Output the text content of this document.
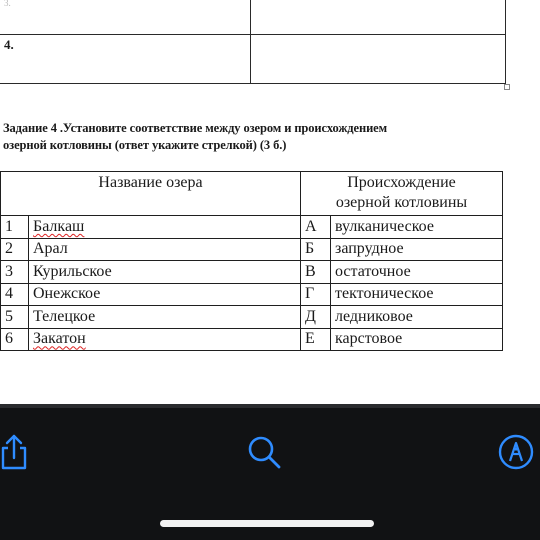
3.
4.
Задание 4 .Установите соответствие между озером и происхождением
озерной котловины (ответ укажите стрелкой) (3 б.)
Название озера		Происхождение
озерной котловины	
1	Балкаш	А	вулканическое
2	Арал	Б	запрудное
3	Курильское	В	остаточное
4	Онежское	Г	тектоническое
5	Телецкое	Д	ледниковое
6	Закатон	Е	карстовое
